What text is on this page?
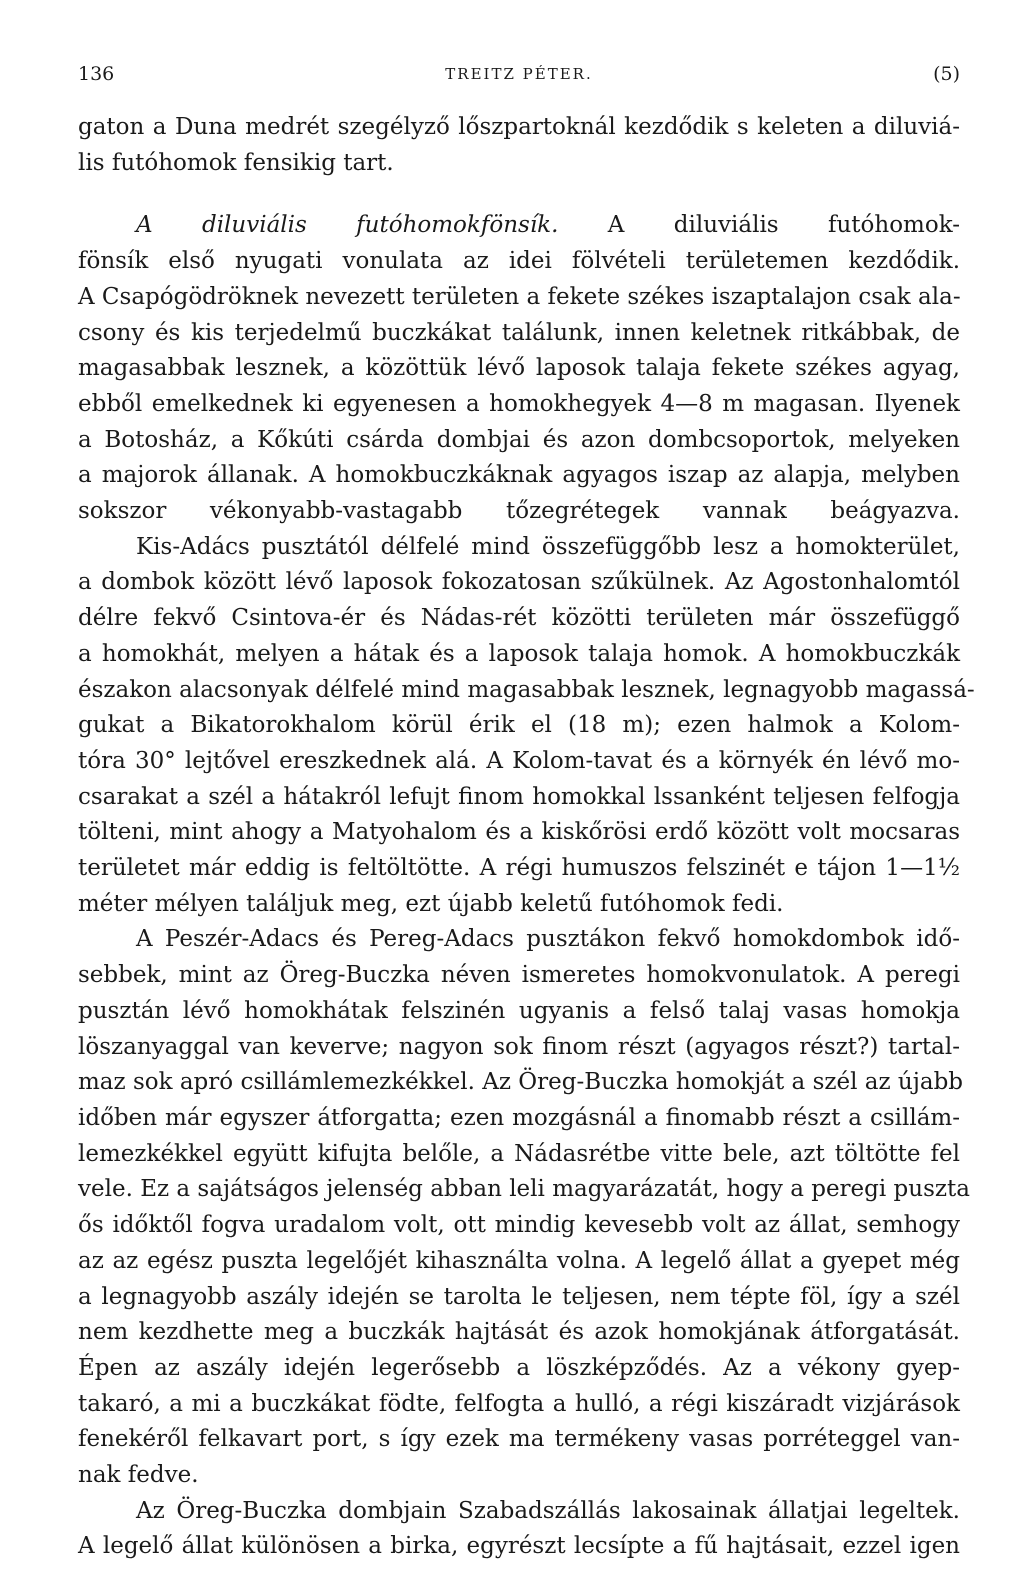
136	TREITZ PÉTER.	(5)
gaton a Duna medrét szegélyző lőszpartoknál kezdődik s keleten a diluviá-
lis futóhomok fensikig tart.
A diluviális futóhomokfönsík. A diluviális futóhomok-
fönsík első nyugati vonulata az idei fölvételi területemen kezdődik.
A Csapógödröknek nevezett területen a fekete székes iszaptalajon csak ala-
csony és kis terjedelmű buczkákat találunk, innen keletnek ritkábbak, de
magasabbak lesznek, a közöttük lévő laposok talaja fekete székes agyag,
ebből emelkednek ki egyenesen a homokhegyek 4—8 m magasan. Ilyenek
a Botosház, a Kőkúti csárda dombjai és azon dombcsoportok, melyeken
a majorok állanak. A homokbuczkáknak agyagos iszap az alapja, melyben
sokszor vékonyabb-vastagabb tőzegrétegek vannak beágyazva.
Kis-Adács pusztától délfelé mind összefüggőbb lesz a homokterület,
a dombok között lévő laposok fokozatosan szűkülnek. Az Agostonhalomtól
délre fekvő Csintova-ér és Nádas-rét közötti területen már összefüggő
a homokhát, melyen a hátak és a laposok talaja homok. A homokbuczkák
északon alacsonyak délfelé mind magasabbak lesznek, legnagyobb magassá-
gukat a Bikatorokhalom körül érik el (18 m); ezen halmok a Kolom-
tóra 30° lejtővel ereszkednek alá. A Kolom-tavat és a környék én lévő mo-
csarakat a szél a hátakról lefujt finom homokkal lssanként teljesen felfogja
tölteni, mint ahogy a Matyohalom és a kiskőrösi erdő között volt mocsaras
területet már eddig is feltöltötte. A régi humuszos felszinét e tájon 1—1½
méter mélyen találjuk meg, ezt újabb keletű futóhomok fedi.
A Peszér-Adacs és Pereg-Adacs pusztákon fekvő homokdombok idő-
sebbek, mint az Öreg-Buczka néven ismeretes homokvonulatok. A peregi
pusztán lévő homokhátak felszinén ugyanis a felső talaj vasas homokja
löszanyaggal van keverve; nagyon sok finom részt (agyagos részt?) tartal-
maz sok apró csillámlemezkékkel. Az Öreg-Buczka homokját a szél az újabb
időben már egyszer átforgatta; ezen mozgásnál a finomabb részt a csillám-
lemezkékkel együtt kifujta belőle, a Nádasrétbe vitte bele, azt töltötte fel
vele. Ez a sajátságos jelenség abban leli magyarázatát, hogy a peregi puszta
ős időktől fogva uradalom volt, ott mindig kevesebb volt az állat, semhogy
az az egész puszta legelőjét kihasználta volna. A legelő állat a gyepet még
a legnagyobb aszály idején se tarolta le teljesen, nem tépte föl, így a szél
nem kezdhette meg a buczkák hajtását és azok homokjának átforgatását.
Épen az aszály idején legerősebb a löszképződés. Az a vékony gyep-
takaró, a mi a buczkákat födte, felfogta a hulló, a régi kiszáradt vizjárások
fenekéről felkavart port, s így ezek ma termékeny vasas porréteggel van-
nak fedve.
Az Öreg-Buczka dombjain Szabadszállás lakosainak állatjai legeltek.
A legelő állat különösen a birka, egyrészt lecsípte a fű hajtásait, ezzel igen
